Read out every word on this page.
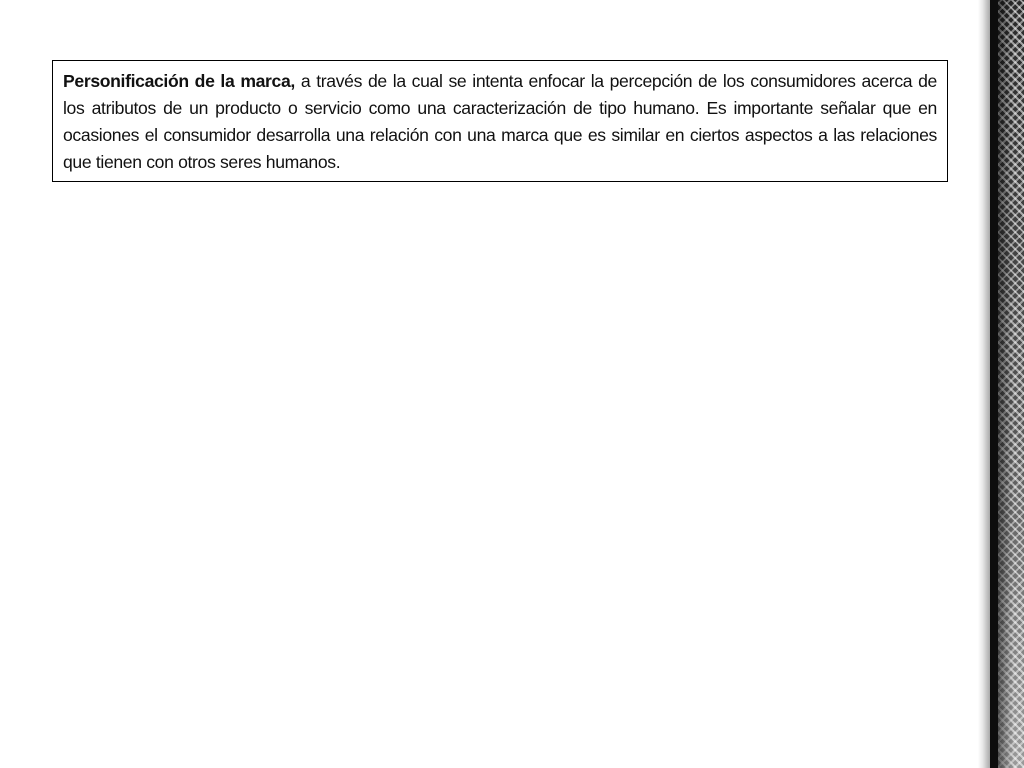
Personificación de la marca, a través de la cual se intenta enfocar la percepción de los consumidores acerca de los atributos de un producto o servicio como una caracterización de tipo humano. Es importante señalar que en ocasiones el consumidor desarrolla una relación con una marca que es similar en ciertos aspectos a las relaciones que tienen con otros seres humanos.
